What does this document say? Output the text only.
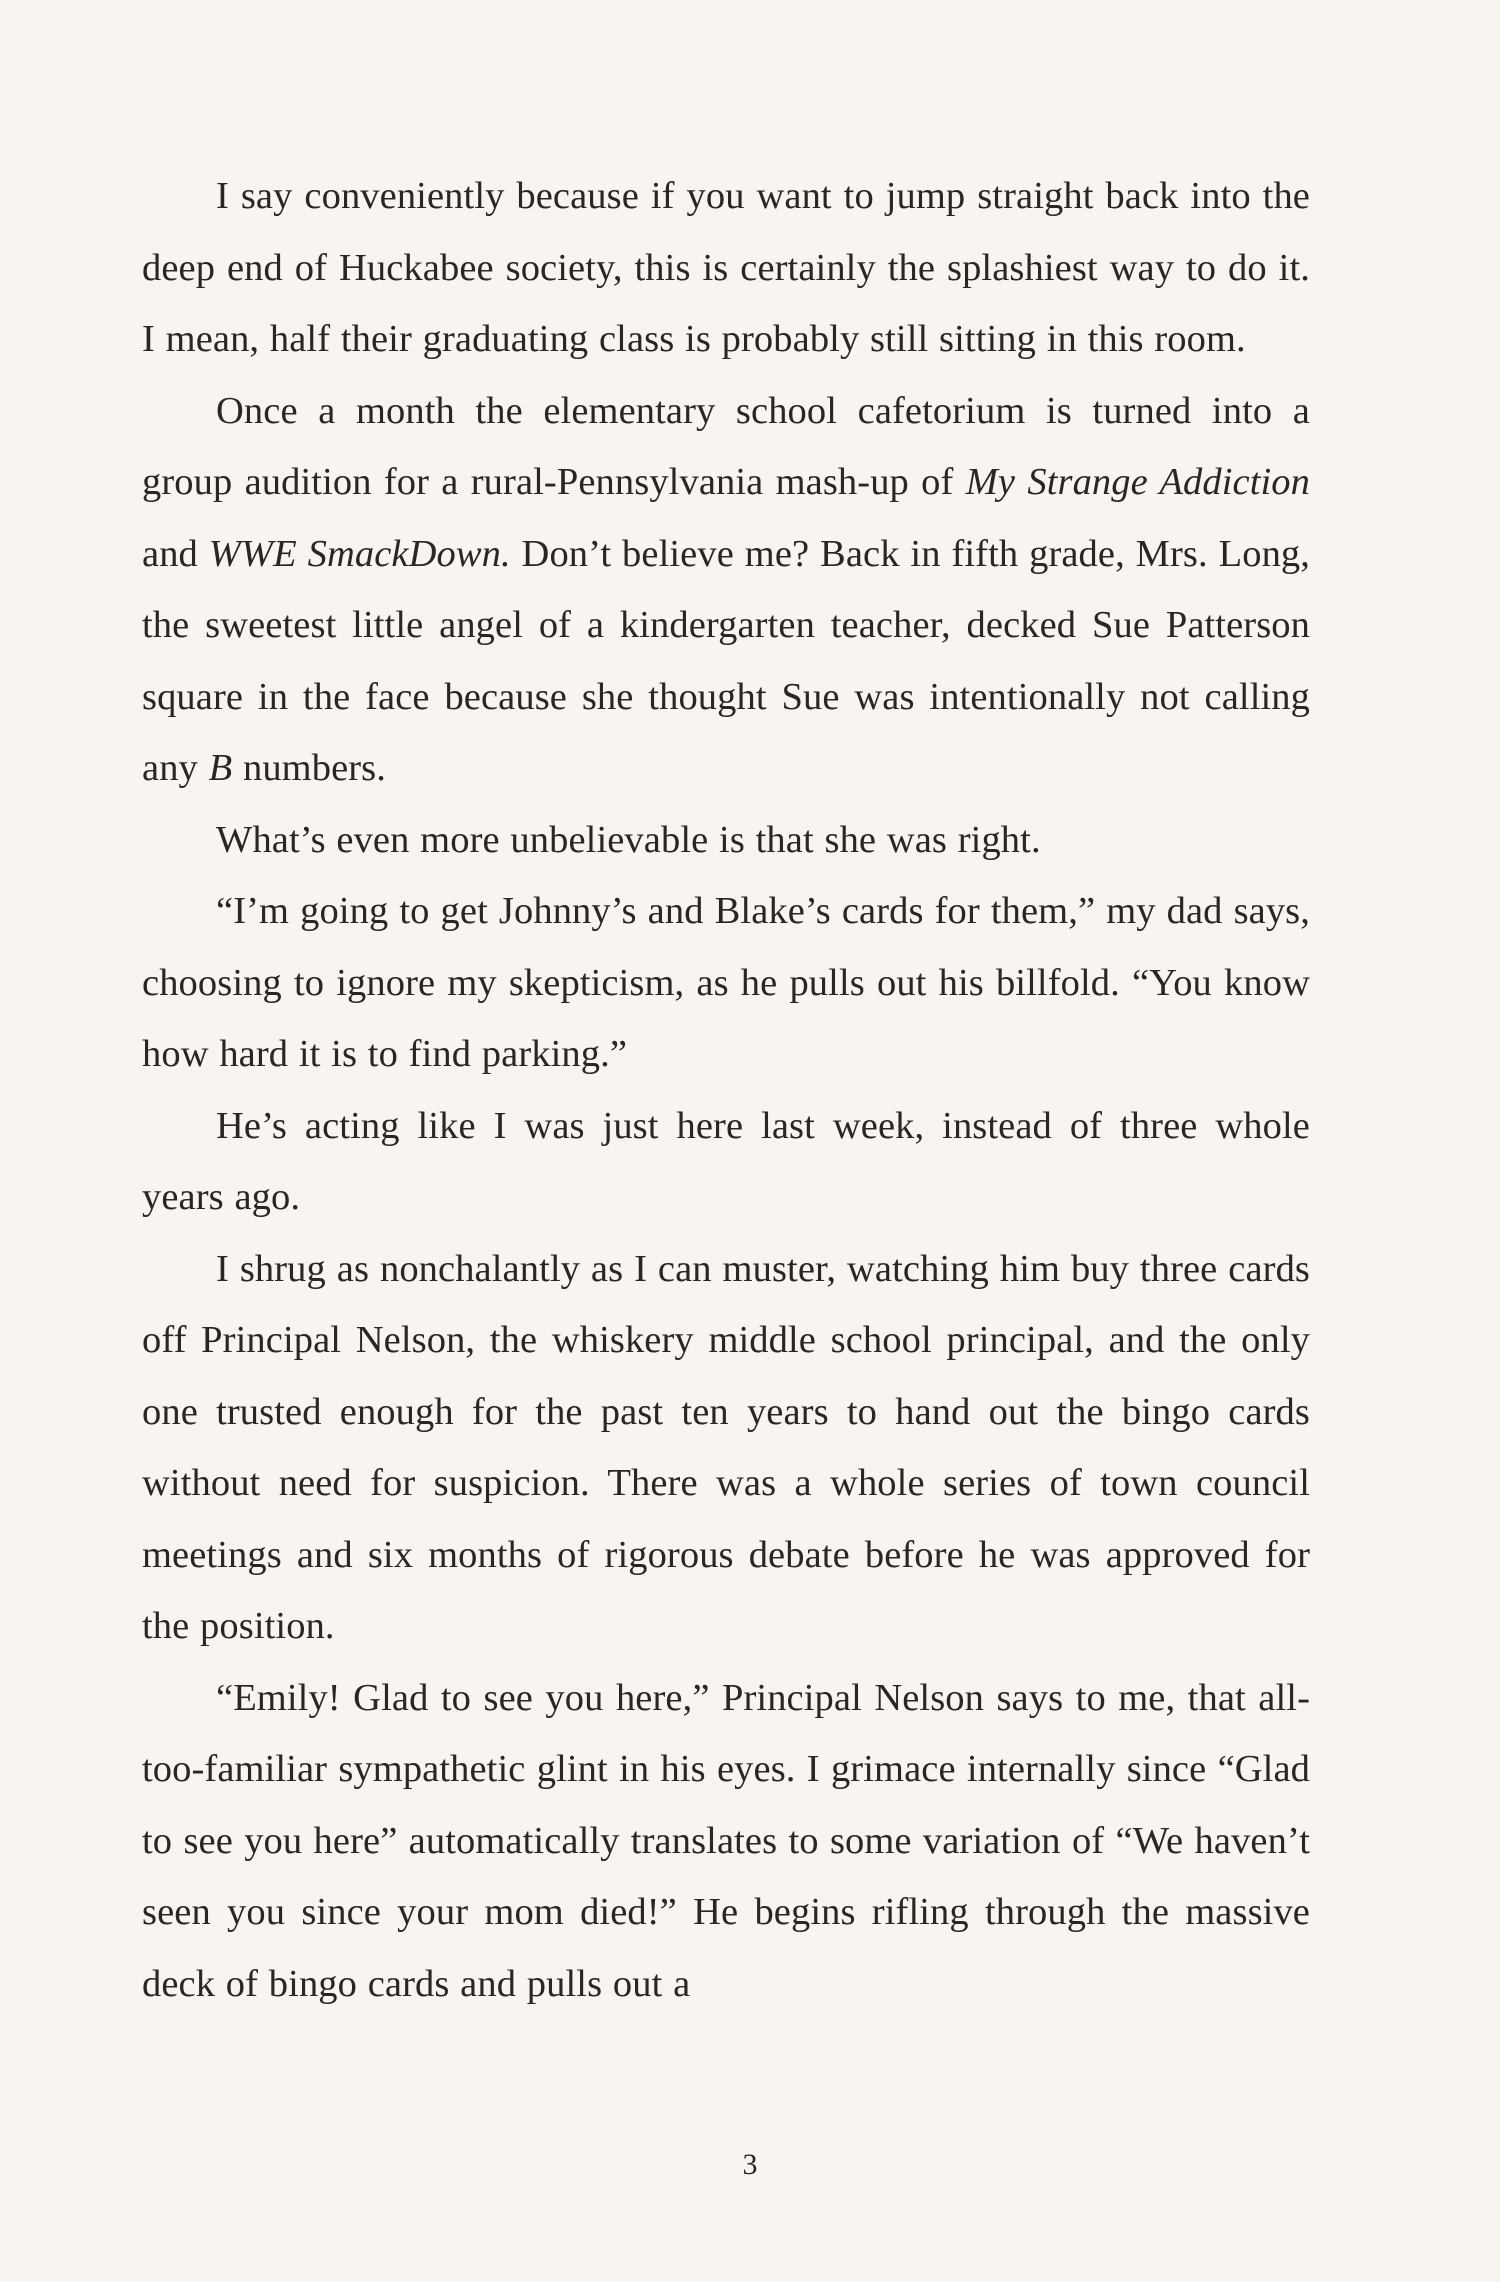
I say conveniently because if you want to jump straight back into the deep end of Huckabee society, this is certainly the splashiest way to do it. I mean, half their graduating class is probably still sitting in this room.

Once a month the elementary school cafetorium is turned into a group audition for a rural-Pennsylvania mash-up of My Strange Addiction and WWE SmackDown. Don’t believe me? Back in fifth grade, Mrs. Long, the sweetest little angel of a kindergarten teacher, decked Sue Patterson square in the face because she thought Sue was intentionally not calling any B numbers.

What’s even more unbelievable is that she was right.

“I’m going to get Johnny’s and Blake’s cards for them,” my dad says, choosing to ignore my skepticism, as he pulls out his billfold. “You know how hard it is to find parking.”

He’s acting like I was just here last week, instead of three whole years ago.

I shrug as nonchalantly as I can muster, watching him buy three cards off Principal Nelson, the whiskery middle school principal, and the only one trusted enough for the past ten years to hand out the bingo cards without need for suspicion. There was a whole series of town council meetings and six months of rigorous debate before he was approved for the position.

“Emily! Glad to see you here,” Principal Nelson says to me, that all-too-familiar sympathetic glint in his eyes. I grimace internally since “Glad to see you here” automatically translates to some variation of “We haven’t seen you since your mom died!” He begins rifling through the massive deck of bingo cards and pulls out a

3
